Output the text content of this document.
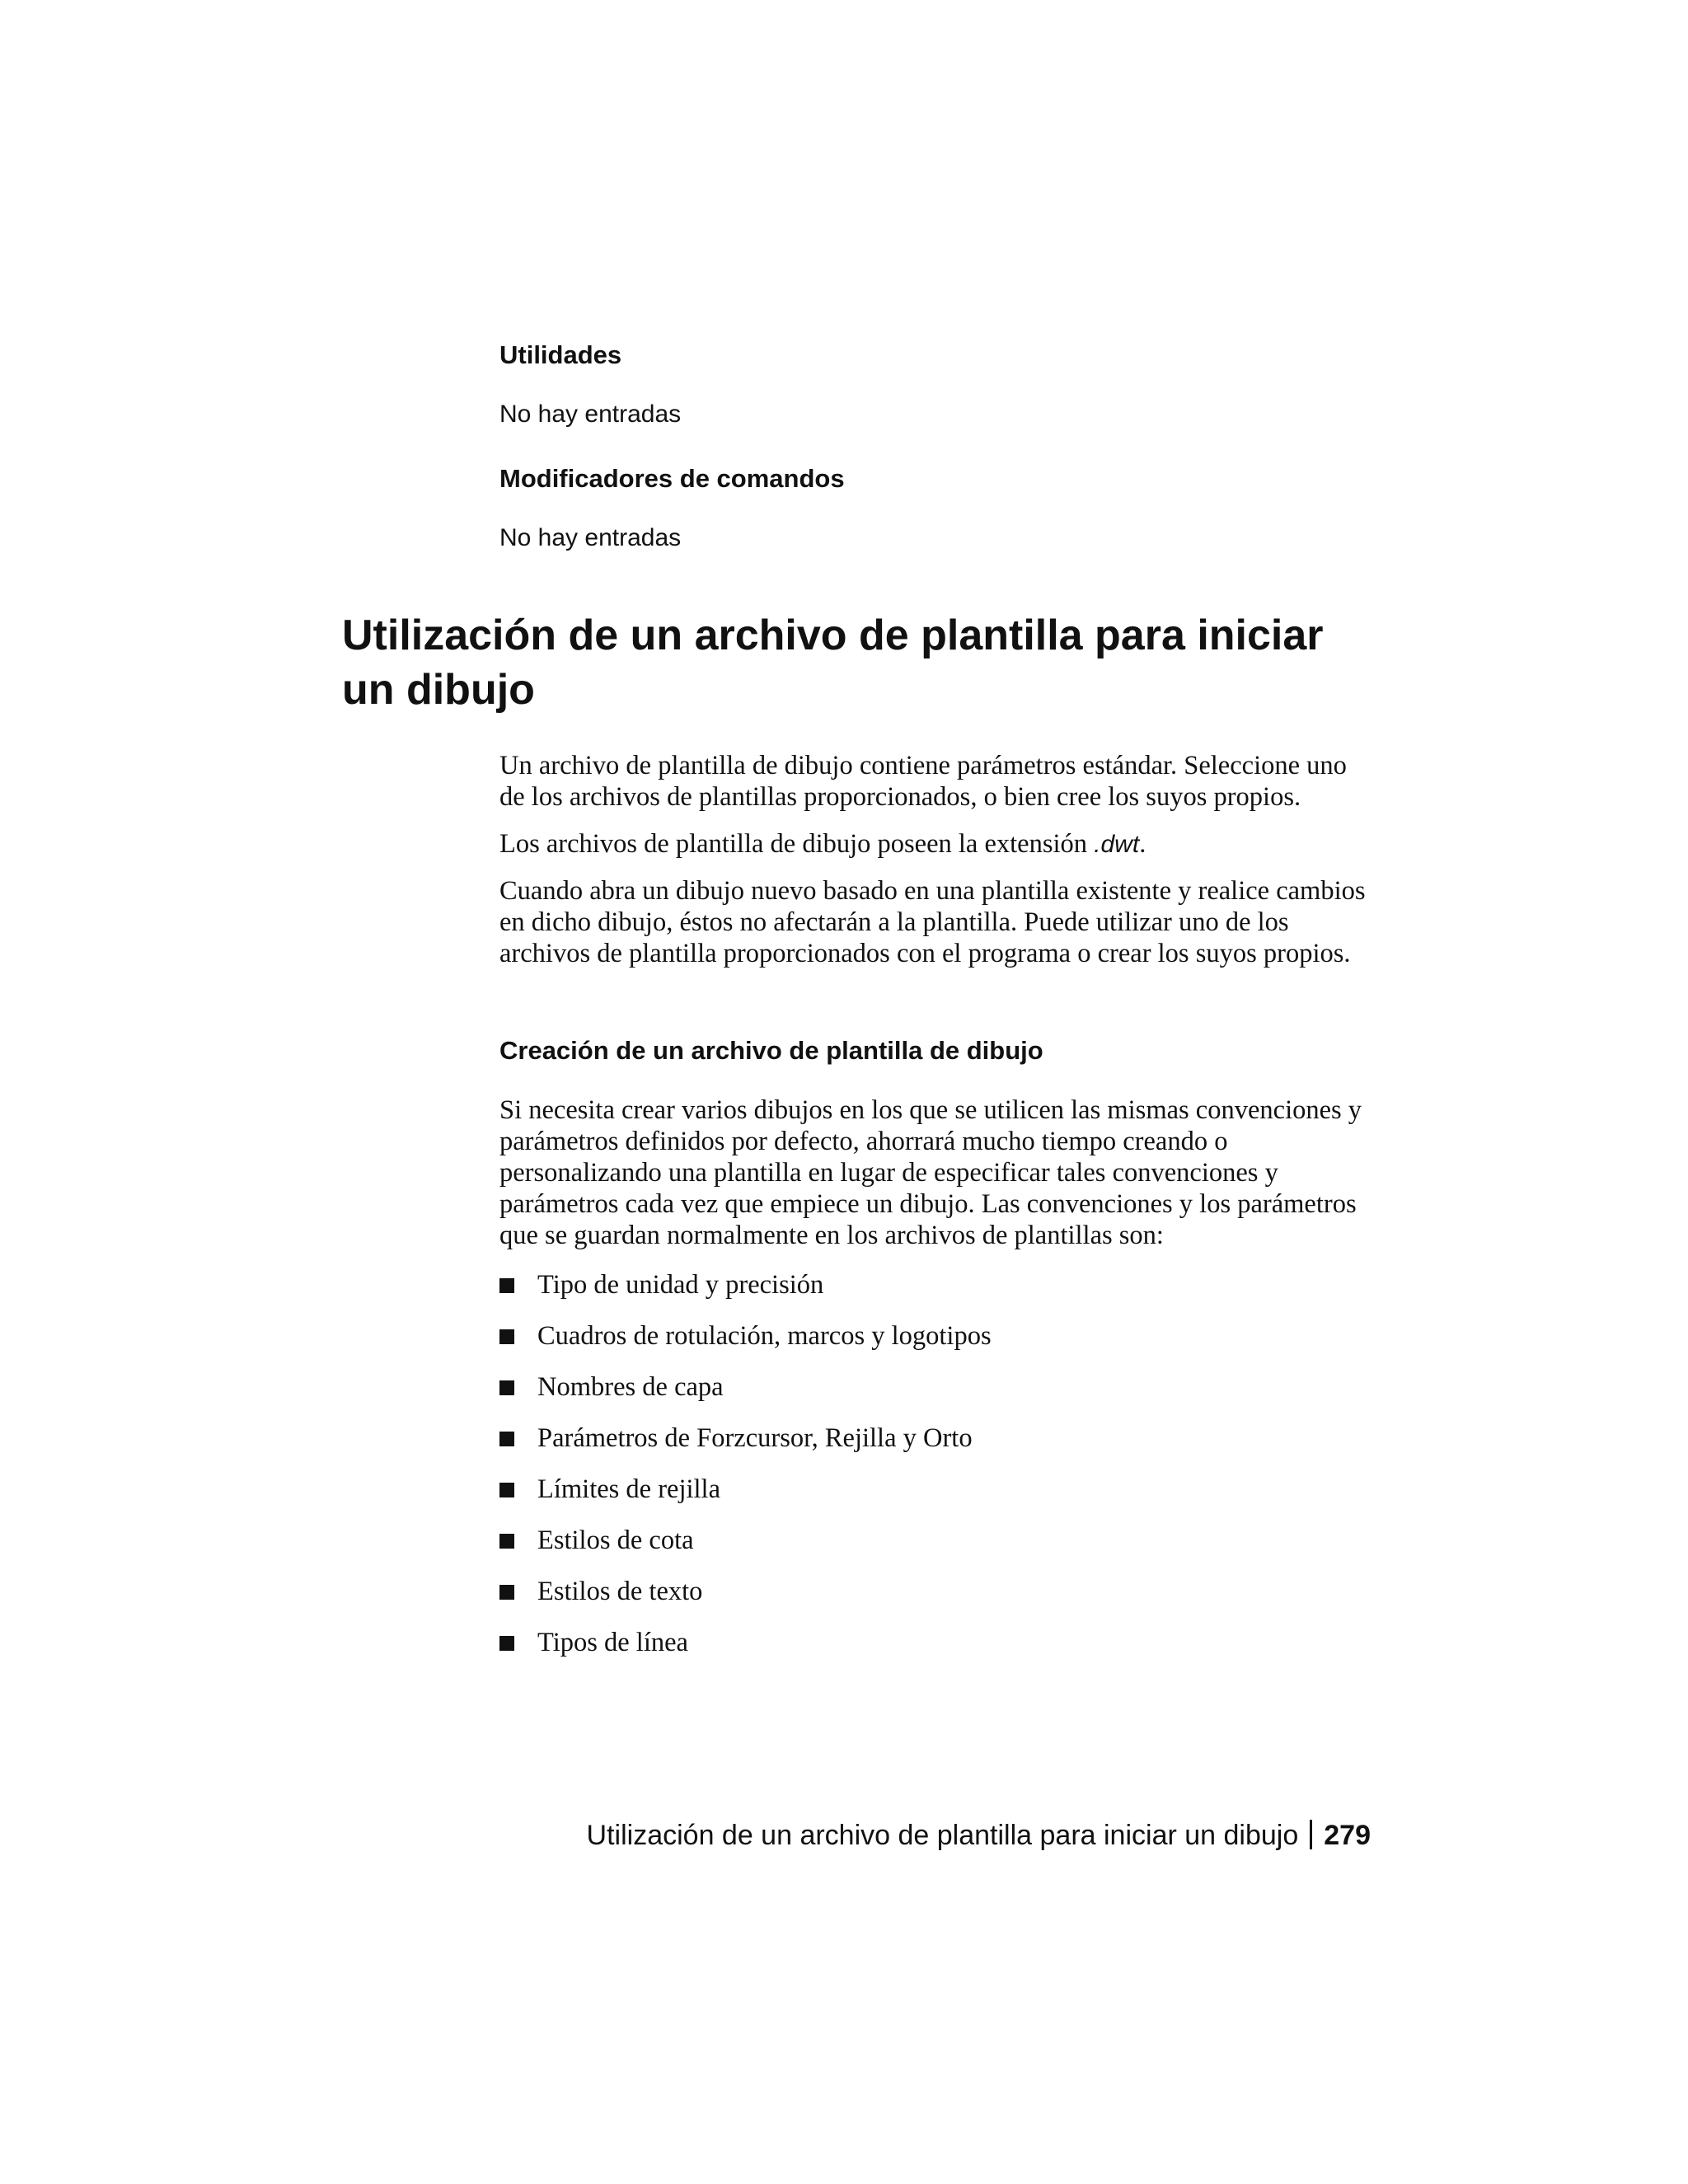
Utilidades

No hay entradas

Modificadores de comandos

No hay entradas

Utilización de un archivo de plantilla para iniciar un dibujo

Un archivo de plantilla de dibujo contiene parámetros estándar. Seleccione uno de los archivos de plantillas proporcionados, o bien cree los suyos propios.

Los archivos de plantilla de dibujo poseen la extensión .dwt.

Cuando abra un dibujo nuevo basado en una plantilla existente y realice cambios en dicho dibujo, éstos no afectarán a la plantilla. Puede utilizar uno de los archivos de plantilla proporcionados con el programa o crear los suyos propios.

Creación de un archivo de plantilla de dibujo

Si necesita crear varios dibujos en los que se utilicen las mismas convenciones y parámetros definidos por defecto, ahorrará mucho tiempo creando o personalizando una plantilla en lugar de especificar tales convenciones y parámetros cada vez que empiece un dibujo. Las convenciones y los parámetros que se guardan normalmente en los archivos de plantillas son:

Tipo de unidad y precisión
Cuadros de rotulación, marcos y logotipos
Nombres de capa
Parámetros de Forzcursor, Rejilla y Orto
Límites de rejilla
Estilos de cota
Estilos de texto
Tipos de línea
Utilización de un archivo de plantilla para iniciar un dibujo 279
